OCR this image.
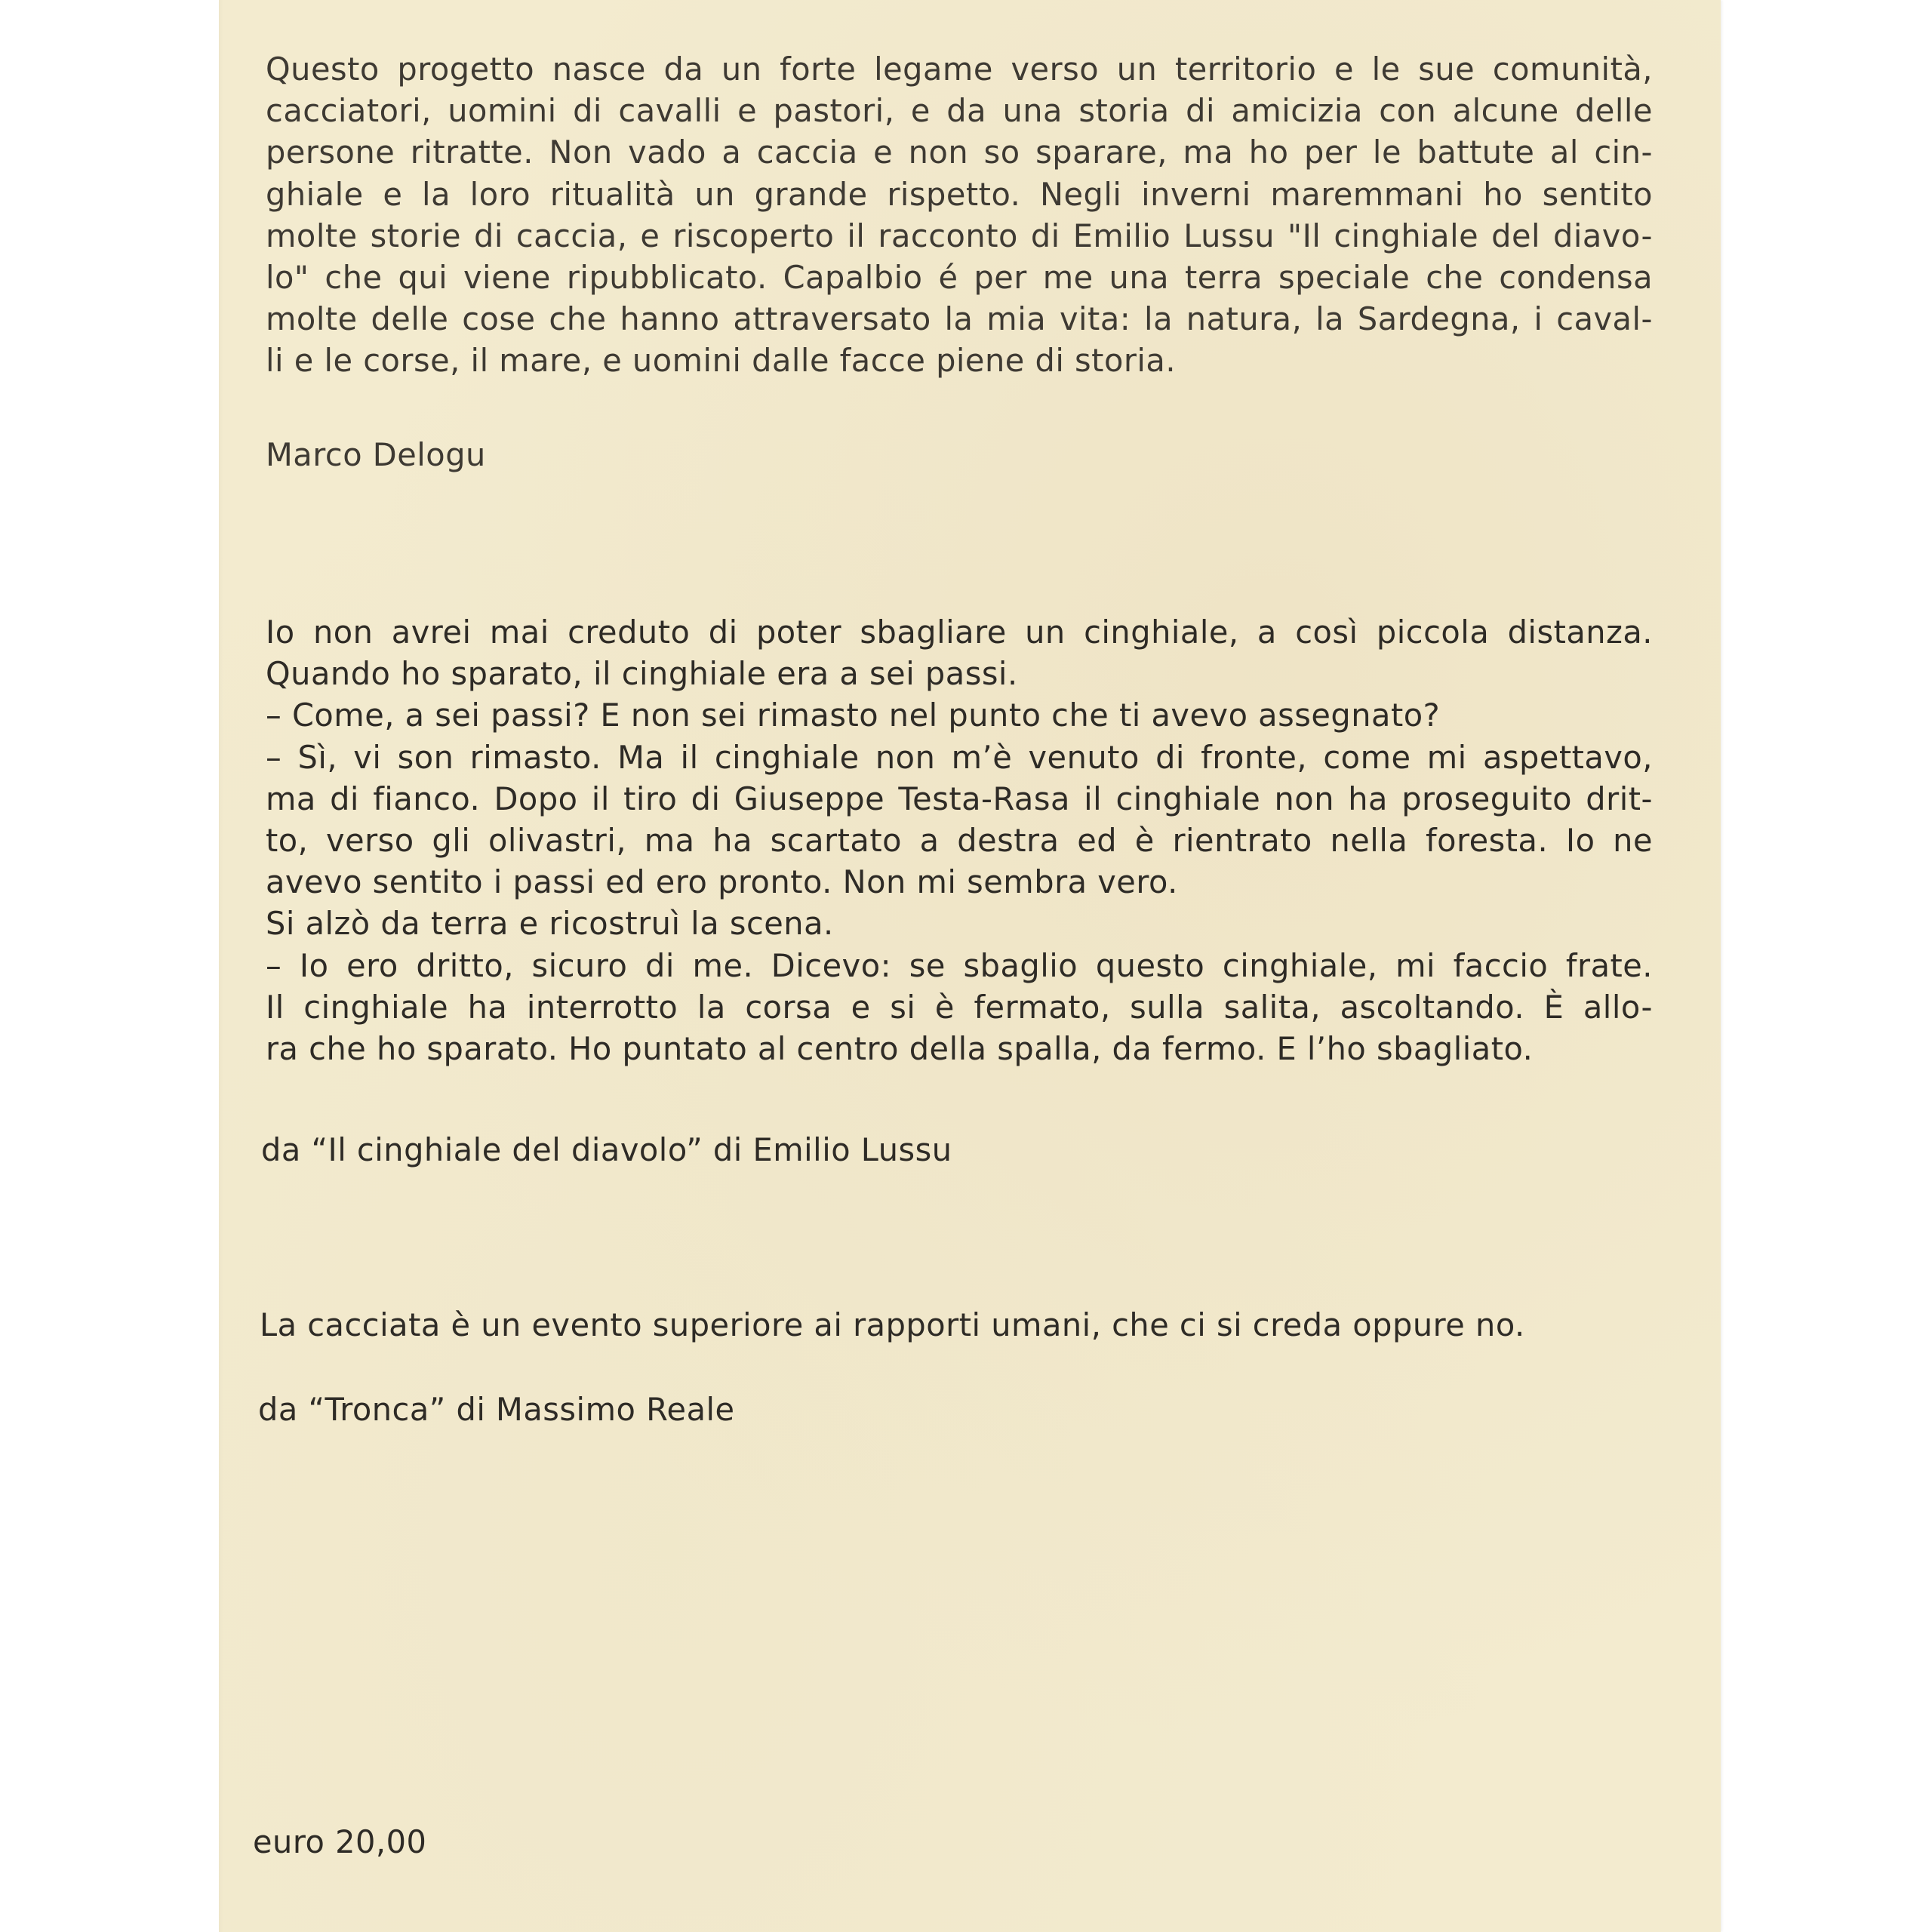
Questo progetto nasce da un forte legame verso un territorio e le sue comunità,
cacciatori, uomini di cavalli e pastori, e da una storia di amicizia con alcune delle
persone ritratte. Non vado a caccia e non so sparare, ma ho per le battute al cin-
ghiale e la loro ritualità un grande rispetto. Negli inverni maremmani ho sentito
molte storie di caccia, e riscoperto il racconto di Emilio Lussu "Il cinghiale del diavo-
lo" che qui viene ripubblicato. Capalbio é per me una terra speciale che condensa
molte delle cose che hanno attraversato la mia vita: la natura, la Sardegna, i caval-
li e le corse, il mare, e uomini dalle facce piene di storia.
Marco Delogu
Io non avrei mai creduto di poter sbagliare un cinghiale, a così piccola distanza.
Quando ho sparato, il cinghiale era a sei passi.
– Come, a sei passi? E non sei rimasto nel punto che ti avevo assegnato?
– Sì, vi son rimasto. Ma il cinghiale non m’è venuto di fronte, come mi aspettavo,
ma di fianco. Dopo il tiro di Giuseppe Testa-Rasa il cinghiale non ha proseguito drit-
to, verso gli olivastri, ma ha scartato a destra ed è rientrato nella foresta. Io ne
avevo sentito i passi ed ero pronto. Non mi sembra vero.
Si alzò da terra e ricostruì la scena.
– Io ero dritto, sicuro di me. Dicevo: se sbaglio questo cinghiale, mi faccio frate.
Il cinghiale ha interrotto la corsa e si è fermato, sulla salita, ascoltando. È allo-
ra che ho sparato. Ho puntato al centro della spalla, da fermo. E l’ho sbagliato.
da “Il cinghiale del diavolo” di Emilio Lussu
La cacciata è un evento superiore ai rapporti umani, che ci si creda oppure no.
da “Tronca” di Massimo Reale
euro 20,00
